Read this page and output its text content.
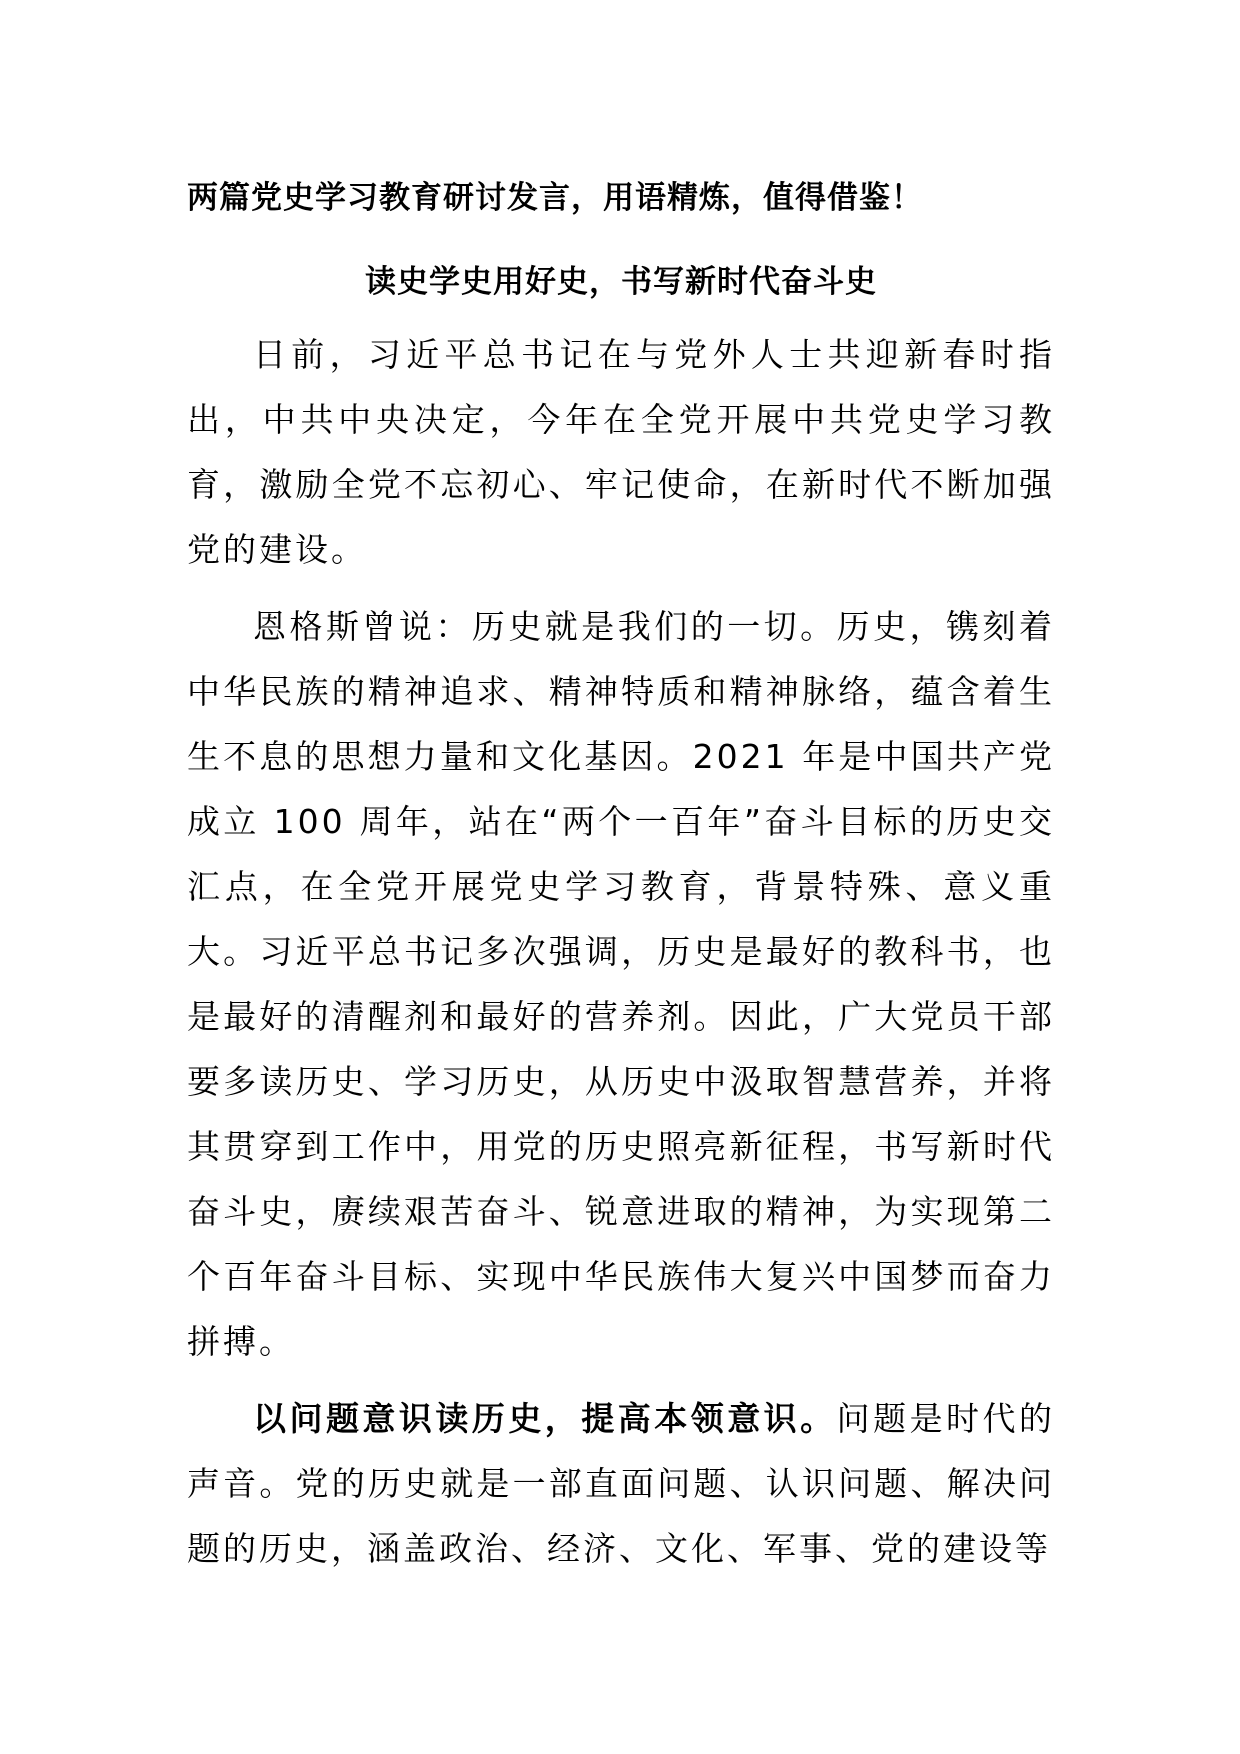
两篇党史学习教育研讨发言，用语精炼，值得借鉴！
读史学史用好史，书写新时代奋斗史

日前，习近平总书记在与党外人士共迎新春时指出，中共中央决定，今年在全党开展中共党史学习教育，激励全党不忘初心、牢记使命，在新时代不断加强党的建设。

恩格斯曾说：历史就是我们的一切。历史，镌刻着中华民族的精神追求、精神特质和精神脉络，蕴含着生生不息的思想力量和文化基因。2021 年是中国共产党成立 100 周年，站在“两个一百年”奋斗目标的历史交汇点，在全党开展党史学习教育，背景特殊、意义重大。习近平总书记多次强调，历史是最好的教科书，也是最好的清醒剂和最好的营养剂。因此，广大党员干部要多读历史、学习历史，从历史中汲取智慧营养，并将其贯穿到工作中，用党的历史照亮新征程，书写新时代奋斗史，赓续艰苦奋斗、锐意进取的精神，为实现第二个百年奋斗目标、实现中华民族伟大复兴中国梦而奋力拼搏。

以问题意识读历史，提高本领意识。问题是时代的声音。党的历史就是一部直面问题、认识问题、解决问题的历史，涵盖政治、经济、文化、军事、党的建设等
